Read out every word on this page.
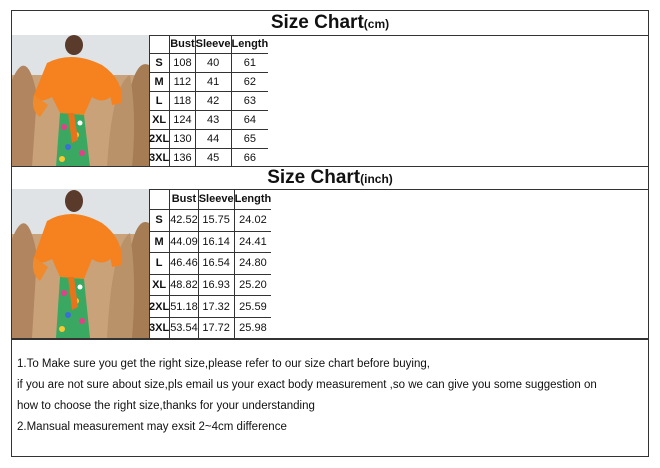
Size Chart(cm)
	Bust	Sleeve	Length
S	108	40	61
M	112	41	62
L	118	42	63
XL	124	43	64
2XL	130	44	65
3XL	136	45	66
Size Chart(inch)
	Bust	Sleeve	Length
S	42.52	15.75	24.02
M	44.09	16.14	24.41
L	46.46	16.54	24.80
XL	48.82	16.93	25.20
2XL	51.18	17.32	25.59
3XL	53.54	17.72	25.98

1.To Make sure you get the right size,please refer to our size chart before buying,

if you are not sure about size,pls email us your exact body measurement ,so we can give you some suggestion on

how to choose the right size,thanks for your understanding

2.Mansual measurement may exsit 2~4cm difference
